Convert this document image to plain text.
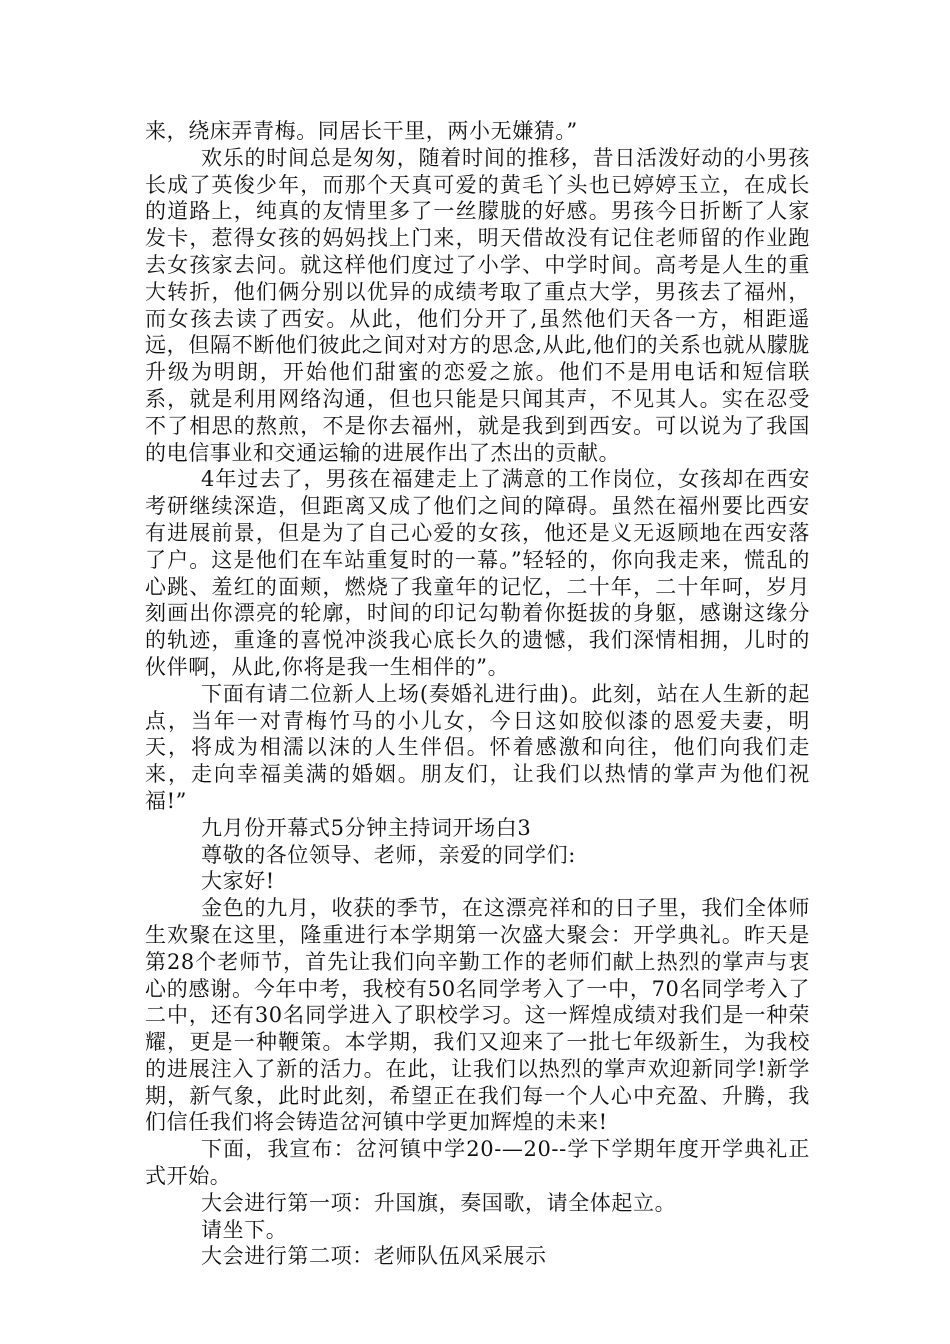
来，绕床弄青梅。同居长干里，两小无嫌猜。”

欢乐的时间总是匆匆，随着时间的推移，昔日活泼好动的小男孩长成了英俊少年，而那个天真可爱的黄毛丫头也已婷婷玉立，在成长的道路上，纯真的友情里多了一丝朦胧的好感。男孩今日折断了人家发卡，惹得女孩的妈妈找上门来，明天借故没有记住老师留的作业跑去女孩家去问。就这样他们度过了小学、中学时间。高考是人生的重大转折，他们俩分别以优异的成绩考取了重点大学，男孩去了福州，而女孩去读了西安。从此，他们分开了,虽然他们天各一方，相距遥远，但隔不断他们彼此之间对对方的思念,从此,他们的关系也就从朦胧升级为明朗，开始他们甜蜜的恋爱之旅。他们不是用电话和短信联系，就是利用网络沟通，但也只能是只闻其声，不见其人。实在忍受不了相思的熬煎，不是你去福州，就是我到到西安。可以说为了我国的电信事业和交通运输的进展作出了杰出的贡献。

4年过去了，男孩在福建走上了满意的工作岗位，女孩却在西安考研继续深造，但距离又成了他们之间的障碍。虽然在福州要比西安有进展前景，但是为了自己心爱的女孩，他还是义无返顾地在西安落了户。这是他们在车站重复时的一幕。”轻轻的，你向我走来，慌乱的心跳、羞红的面颊，燃烧了我童年的记忆，二十年，二十年呵，岁月刻画出你漂亮的轮廓，时间的印记勾勒着你挺拔的身躯，感谢这缘分的轨迹，重逢的喜悦冲淡我心底长久的遗憾，我们深情相拥，儿时的伙伴啊，从此,你将是我一生相伴的”。

下面有请二位新人上场(奏婚礼进行曲)。此刻，站在人生新的起点，当年一对青梅竹马的小儿女，今日这如胶似漆的恩爱夫妻，明天，将成为相濡以沫的人生伴侣。怀着感激和向往，他们向我们走来，走向幸福美满的婚姻。朋友们，让我们以热情的掌声为他们祝福!”

九月份开幕式5分钟主持词开场白3

尊敬的各位领导、老师，亲爱的同学们:

大家好!

金色的九月，收获的季节，在这漂亮祥和的日子里，我们全体师生欢聚在这里，隆重进行本学期第一次盛大聚会：开学典礼。昨天是第28个老师节，首先让我们向辛勤工作的老师们献上热烈的掌声与衷心的感谢。今年中考，我校有50名同学考入了一中，70名同学考入了二中，还有30名同学进入了职校学习。这一辉煌成绩对我们是一种荣耀，更是一种鞭策。本学期，我们又迎来了一批七年级新生，为我校的进展注入了新的活力。在此，让我们以热烈的掌声欢迎新同学!新学期，新气象，此时此刻，希望正在我们每一个人心中充盈、升腾，我们信任我们将会铸造岔河镇中学更加辉煌的未来!

下面，我宣布：岔河镇中学20-—20--学下学期年度开学典礼正式开始。

大会进行第一项：升国旗，奏国歌，请全体起立。

请坐下。

大会进行第二项：老师队伍风采展示
